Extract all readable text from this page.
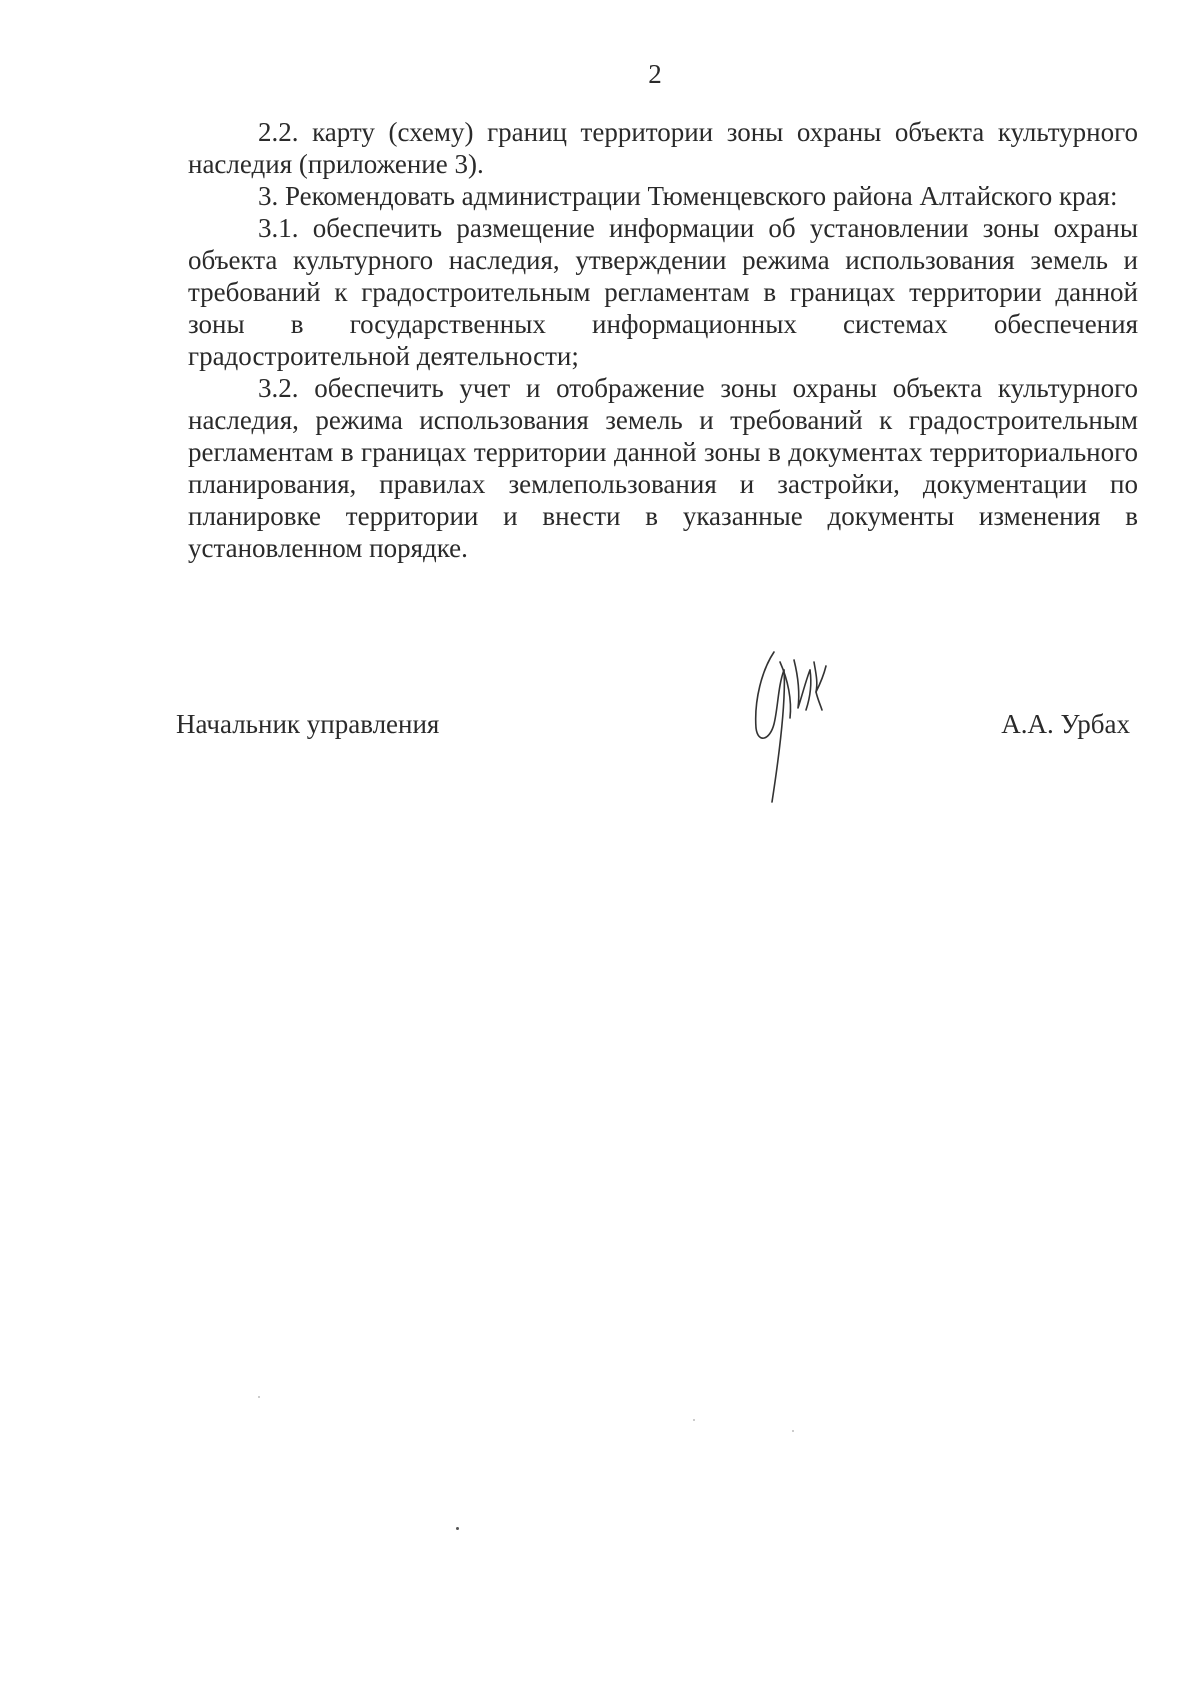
2

2.2. карту (схему) границ территории зоны охраны объекта культурного наследия (приложение 3).

3. Рекомендовать администрации Тюменцевского района Алтайского края:

3.1. обеспечить размещение информации об установлении зоны охраны объекта культурного наследия, утверждении режима использования земель и требований к градостроительным регламентам в границах территории данной зоны в государственных информационных системах обеспечения градостроительной деятельности;

3.2. обеспечить учет и отображение зоны охраны объекта культурного наследия, режима использования земель и требований к градостроительным регламентам в границах территории данной зоны в документах территориального планирования, правилах землепользования и застройки, документации по планировке территории и внести в указанные документы изменения в установленном порядке.

Начальник управления	А.А. Урбах
